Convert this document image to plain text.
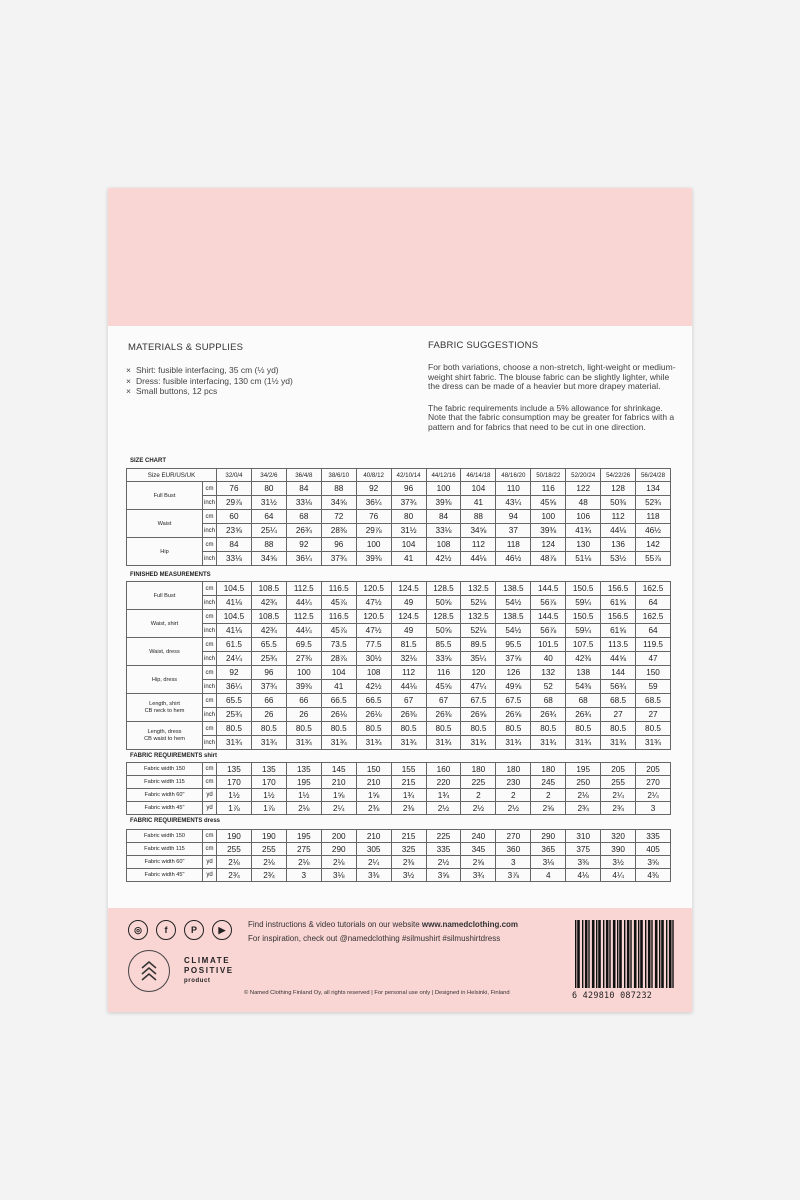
MATERIALS & SUPPLIES
× Shirt: fusible interfacing, 35 cm (½ yd)
× Dress: fusible interfacing, 130 cm (1½ yd)
× Small buttons, 12 pcs
FABRIC SUGGESTIONS

For both variations, choose a non-stretch, light-weight or medium-weight shirt fabric. The blouse fabric can be slightly lighter, while the dress can be made of a heavier but more drapey material.

The fabric requirements include a 5% allowance for shrinkage. Note that the fabric consumption may be greater for fabrics with a pattern and for fabrics that need to be cut in one direction.

SIZE CHART
Size EUR/US/UK		32/0/4	34/2/6	36/4/8	38/6/10	40/8/12	42/10/14	44/12/16	46/14/18	48/16/20	50/18/22	52/20/24	54/22/26	56/24/28

Full Bust	cm	76	80	84	88	92	96	100	104	110	116	122	128	134
	inch	29⅞	31½	33⅛	34⅝	36¼	37¾	39⅜	41	43¼	45⅝	48	50⅜	52¾

Waist	cm	60	64	68	72	76	80	84	88	94	100	106	112	118
	inch	23⅝	25¼	26¾	28⅜	29⅞	31½	33⅛	34⅝	37	39⅜	41¾	44⅛	46½

Hip	cm	84	88	92	96	100	104	108	112	118	124	130	136	142
	inch	33⅛	34⅝	36¼	37¾	39⅜	41	42½	44⅛	46½	48⅞	51⅛	53½	55⅞
FINISHED MEASUREMENTS
Full Bust	cm	104.5	108.5	112.5	116.5	120.5	124.5	128.5	132.5	138.5	144.5	150.5	156.5	162.5
	inch	41⅛	42¾	44¼	45⅞	47½	49	50⅝	52⅛	54½	56⅞	59¼	61⅝	64

Waist, shirt	cm	104.5	108.5	112.5	116.5	120.5	124.5	128.5	132.5	138.5	144.5	150.5	156.5	162.5
	inch	41⅛	42¾	44¼	45⅞	47½	49	50⅝	52⅛	54½	56⅞	59¼	61⅝	64

Waist, dress	cm	61.5	65.5	69.5	73.5	77.5	81.5	85.5	89.5	95.5	101.5	107.5	113.5	119.5
	inch	24¼	25¾	27⅜	28⅞	30½	32⅛	33⅝	35¼	37⅝	40	42⅜	44⅝	47

Hip, dress	cm	92	96	100	104	108	112	116	120	126	132	138	144	150
	inch	36¼	37¾	39⅜	41	42½	44⅛	45⅝	47¼	49⅝	52	54⅜	56¾	59

Length, shirt
CB neck to hem	cm	65.5	66	66	66.5	66.5	67	67	67.5	67.5	68	68	68.5	68.5
	inch	25¾	26	26	26⅛	26⅛	26⅜	26⅜	26⅝	26⅝	26¾	26¾	27	27

Length, dress
CB waist to hem	cm	80.5	80.5	80.5	80.5	80.5	80.5	80.5	80.5	80.5	80.5	80.5	80.5	80.5
	inch	31¾	31¾	31¾	31¾	31¾	31¾	31¾	31¾	31¾	31¾	31¾	31¾	31¾
FABRIC REQUIREMENTS shirt
Fabric width 150	cm	135	135	135	145	150	155	160	180	180	180	195	205	205
Fabric width 115	cm	170	170	195	210	210	215	220	225	230	245	250	255	270
Fabric width 60"	yd	1½	1½	1½	1⅝	1⅝	1¾	1¾	2	2	2	2⅛	2¼	2¼
Fabric width 45"	yd	1⅞	1⅞	2⅛	2¼	2⅜	2⅜	2½	2½	2½	2⅝	2¾	2¾	3
FABRIC REQUIREMENTS dress
Fabric width 150	cm	190	190	195	200	210	215	225	240	270	290	310	320	335
Fabric width 115	cm	255	255	275	290	305	325	335	345	360	365	375	390	405
Fabric width 60"	yd	2⅛	2⅛	2⅛	2⅛	2¼	2⅜	2½	2⅝	3	3⅛	3⅜	3½	3⅝
Fabric width 45"	yd	2¾	2¾	3	3⅛	3⅜	3½	3⅝	3¾	3⅞	4	4⅛	4¼	4⅜
◎	f	P	▶
CLIMATE
POSITIVE
product
Find instructions & video tutorials on our website www.namedclothing.com
For inspiration, check out @namedclothing #silmushirt #silmushirtdress
© Named Clothing Finland Oy, all rights reserved | For personal use only | Designed in Helsinki, Finland	6 429810 087232
